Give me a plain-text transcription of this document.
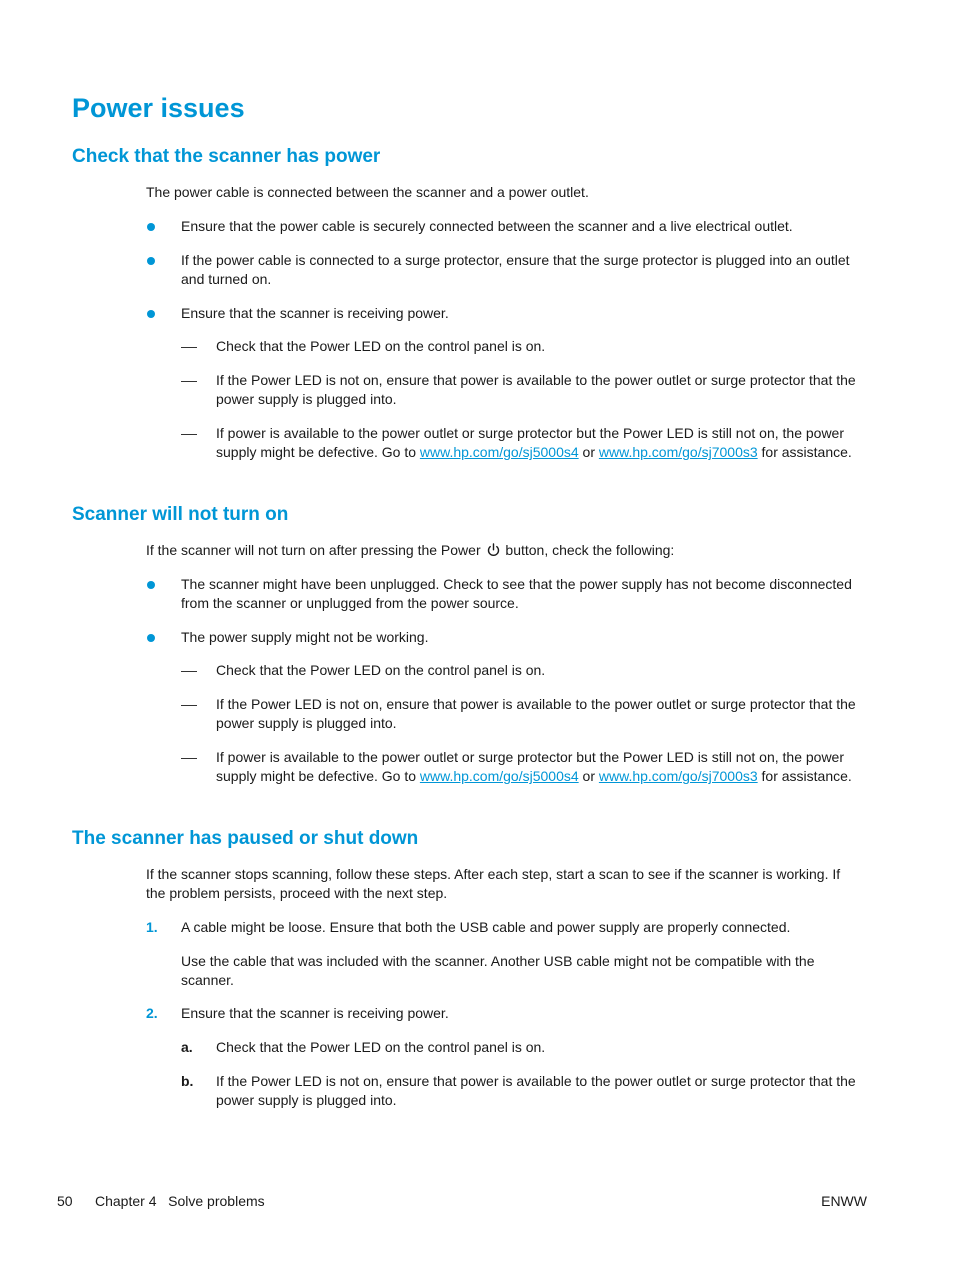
Power issues
Check that the scanner has power
The power cable is connected between the scanner and a power outlet.
Ensure that the power cable is securely connected between the scanner and a live electrical outlet.
If the power cable is connected to a surge protector, ensure that the surge protector is plugged into an outlet and turned on.
Ensure that the scanner is receiving power.
Check that the Power LED on the control panel is on.
If the Power LED is not on, ensure that power is available to the power outlet or surge protector that the power supply is plugged into.
If power is available to the power outlet or surge protector but the Power LED is still not on, the power supply might be defective. Go to www.hp.com/go/sj5000s4 or www.hp.com/go/sj7000s3 for assistance.
Scanner will not turn on
If the scanner will not turn on after pressing the Power  button, check the following:
The scanner might have been unplugged. Check to see that the power supply has not become disconnected from the scanner or unplugged from the power source.
The power supply might not be working.
Check that the Power LED on the control panel is on.
If the Power LED is not on, ensure that power is available to the power outlet or surge protector that the power supply is plugged into.
If power is available to the power outlet or surge protector but the Power LED is still not on, the power supply might be defective. Go to www.hp.com/go/sj5000s4 or www.hp.com/go/sj7000s3 for assistance.
The scanner has paused or shut down
If the scanner stops scanning, follow these steps. After each step, start a scan to see if the scanner is working. If the problem persists, proceed with the next step.
1. A cable might be loose. Ensure that both the USB cable and power supply are properly connected.
Use the cable that was included with the scanner. Another USB cable might not be compatible with the scanner.
2. Ensure that the scanner is receiving power.
a. Check that the Power LED on the control panel is on.
b. If the Power LED is not on, ensure that power is available to the power outlet or surge protector that the power supply is plugged into.
50 Chapter 4   Solve problems	ENWW
